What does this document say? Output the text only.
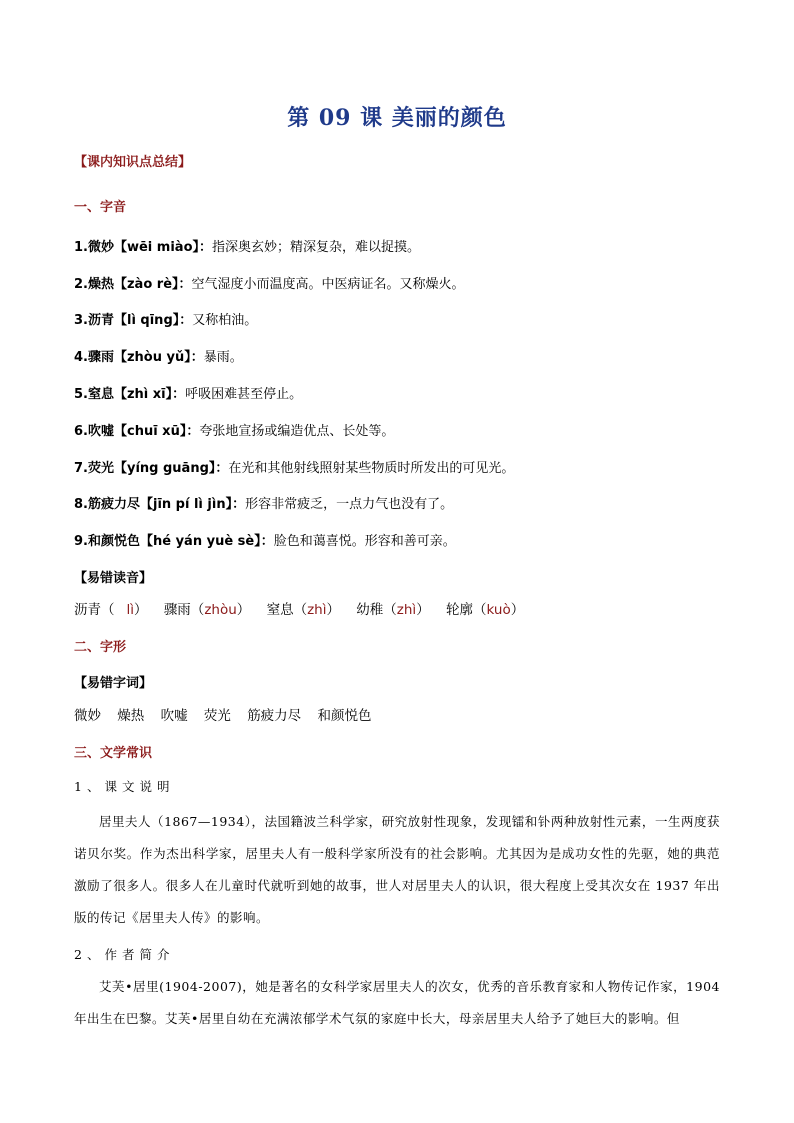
第 09 课 美丽的颜色
【课内知识点总结】
一、字音
1.微妙【wēi miào】：指深奥玄妙；精深复杂，难以捉摸。
2.燥热【zào rè】：空气湿度小而温度高。中医病证名。又称燥火。
3.沥青【lì qīng】：又称柏油。
4.骤雨【zhòu yǔ】：暴雨。
5.窒息【zhì xī】：呼吸困难甚至停止。
6.吹嘘【chuī xū】：夸张地宣扬或编造优点、长处等。
7.荧光【yíng guāng】：在光和其他射线照射某些物质时所发出的可见光。
8.筋疲力尽【jīn pí lì jìn】：形容非常疲乏，一点力气也没有了。
9.和颜悦色【hé yán yuè sè】：脸色和蔼喜悦。形容和善可亲。
【易错读音】
沥青（ lì） 骤雨（zhòu） 窒息（zhì） 幼稚（zhì） 轮廓（kuò）
二、字形
【易错字词】
微妙 燥热 吹嘘 荧光 筋疲力尽 和颜悦色
三、文学常识
1、课文说明
居里夫人（1867—1934），法国籍波兰科学家，研究放射性现象，发现镭和钋两种放射性元素，一生两度获诺贝尔奖。作为杰出科学家，居里夫人有一般科学家所没有的社会影响。尤其因为是成功女性的先驱，她的典范激励了很多人。很多人在儿童时代就听到她的故事，世人对居里夫人的认识，很大程度上受其次女在 1937 年出版的传记《居里夫人传》的影响。
2、作者简介
艾芙•居里(1904-2007)，她是著名的女科学家居里夫人的次女，优秀的音乐教育家和人物传记作家，1904 年出生在巴黎。艾芙•居里自幼在充满浓郁学术气氛的家庭中长大，母亲居里夫人给予了她巨大的影响。但
